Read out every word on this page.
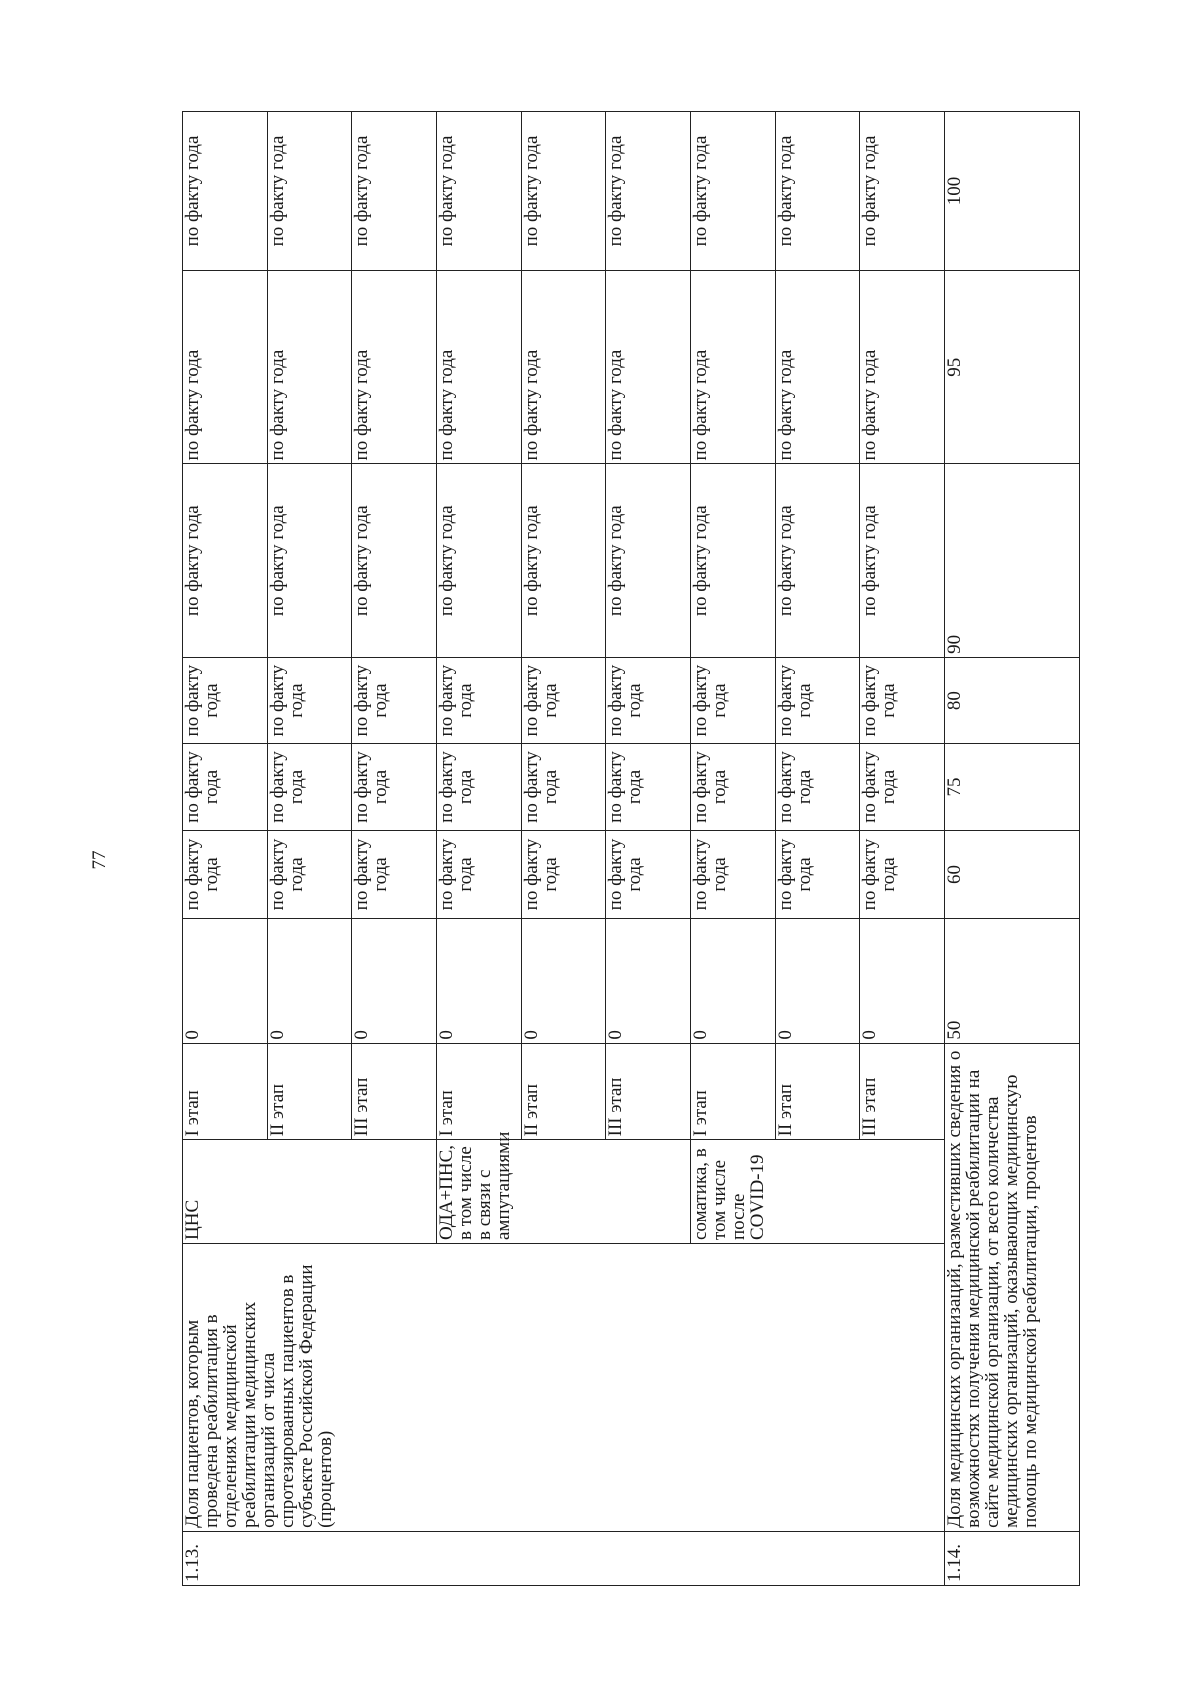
77
1.13.	Доля пациентов, которым проведена реабилитация в отделениях медицинской реабилитации медицинских организаций от числа спротезированных пациентов в субъекте Российской Федерации (процентов)	ЦНС	I этап	0	по факту года	по факту года	по факту года	по факту года	по факту года	по факту года
			II этап	0	по факту года	по факту года	по факту года	по факту года	по факту года	по факту года
			III этап	0	по факту года	по факту года	по факту года	по факту года	по факту года	по факту года
		ОДА+ПНС, в том числе в связи с ампутациями	I этап	0	по факту года	по факту года	по факту года	по факту года	по факту года	по факту года
			II этап	0	по факту года	по факту года	по факту года	по факту года	по факту года	по факту года
			III этап	0	по факту года	по факту года	по факту года	по факту года	по факту года	по факту года
		соматика, в том числе после COVID-19	I этап	0	по факту года	по факту года	по факту года	по факту года	по факту года	по факту года
			II этап	0	по факту года	по факту года	по факту года	по факту года	по факту года	по факту года
			III этап	0	по факту года	по факту года	по факту года	по факту года	по факту года	по факту года
1.14.	Доля медицинских организаций, разместивших сведения о возможностях получения медицинской реабилитации на сайте медицинской организации, от всего количества медицинских организаций, оказывающих медицинскую помощь по медицинской реабилитации, процентов			50	60	75	80	90	95	100
